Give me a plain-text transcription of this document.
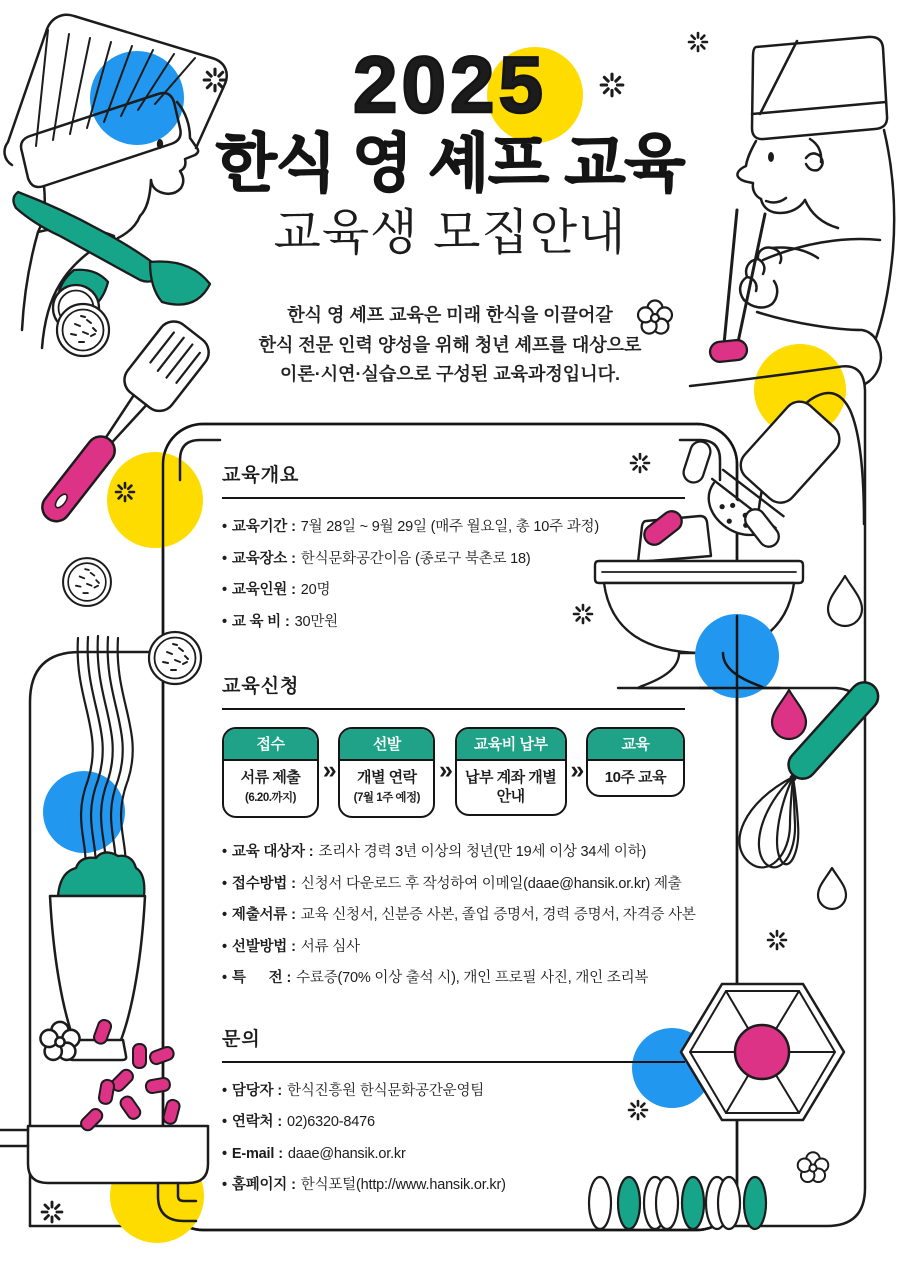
2025
한식 영 셰프 교육
교육생 모집안내
한식 영 셰프 교육은 미래 한식을 이끌어갈
한식 전문 인력 양성을 위해 청년 셰프를 대상으로
이론·시연·실습으로 구성된 교육과정입니다.
교육개요
• 교육기간 : 7월 28일 ~ 9월 29일 (매주 월요일, 총 10주 과정)
• 교육장소 : 한식문화공간이음 (종로구 북촌로 18)
• 교육인원 : 20명
• 교 육 비 : 30만원
교육신청
접수
서류 제출
(6.20.까지)
»
선발
개별 연락
(7월 1주 예정)
»
교육비 납부
납부 계좌 개별 안내
»
교육
10주 교육
• 교육 대상자 : 조리사 경력 3년 이상의 청년(만 19세 이상 34세 이하)
• 접수방법 : 신청서 다운로드 후 작성하여 이메일(daae@hansik.or.kr) 제출
• 제출서류 : 교육 신청서, 신분증 사본, 졸업 증명서, 경력 증명서, 자격증 사본
• 선발방법 : 서류 심사
• 특      전 : 수료증(70% 이상 출석 시), 개인 프로필 사진, 개인 조리복
문의
• 담당자 : 한식진흥원 한식문화공간운영팀
• 연락처 : 02)6320-8476
• E-mail : daae@hansik.or.kr
• 홈페이지 : 한식포털(http://www.hansik.or.kr)
